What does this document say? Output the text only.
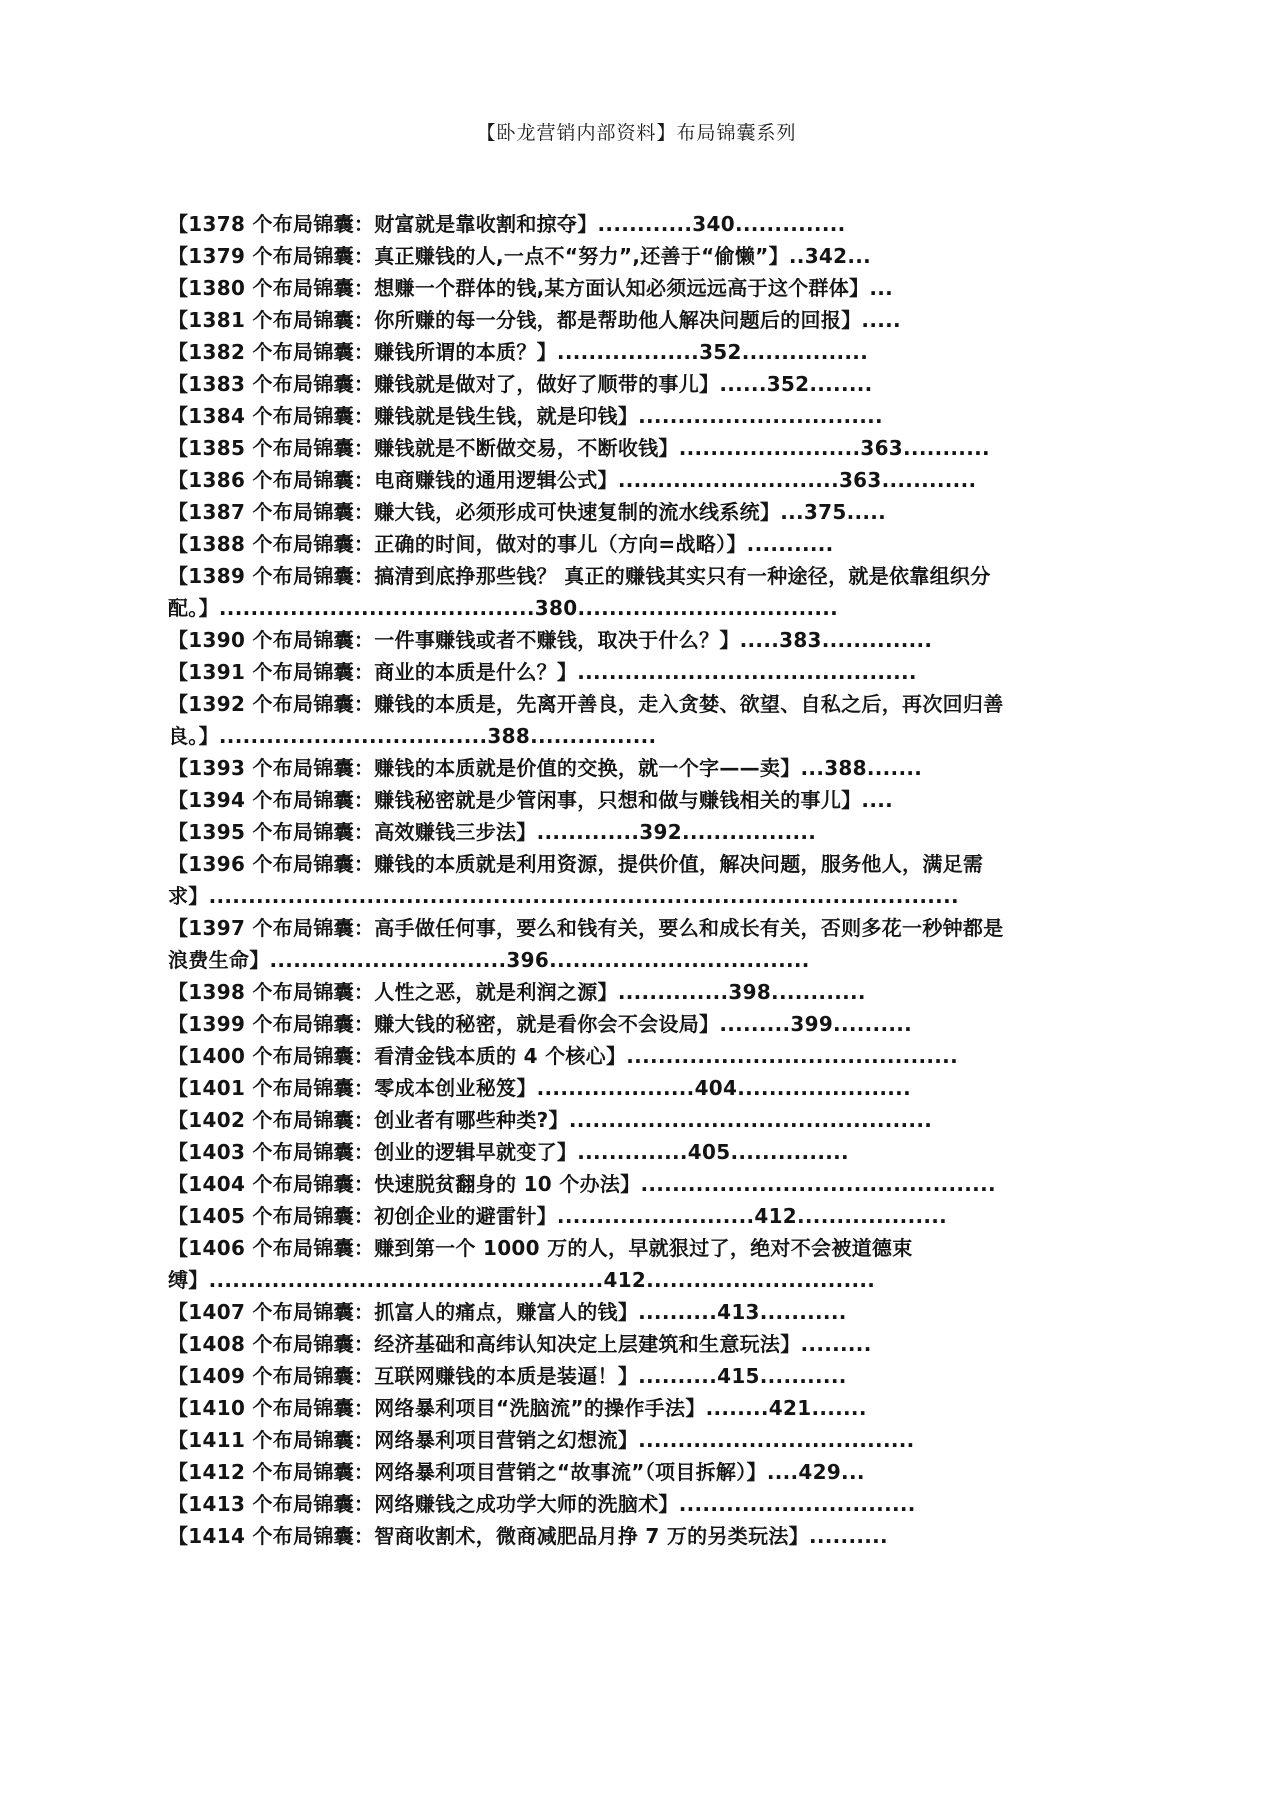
【卧龙营销内部资料】布局锦囊系列
【1378 个布局锦囊：财富就是靠收割和掠夺】............340..............
【1379 个布局锦囊：真正赚钱的人,一点不“努力”,还善于“偷懒”】..342...
【1380 个布局锦囊：想赚一个群体的钱,某方面认知必须远远高于这个群体】...
【1381 个布局锦囊：你所赚的每一分钱，都是帮助他人解决问题后的回报】.....
【1382 个布局锦囊：赚钱所谓的本质？】..................352................
【1383 个布局锦囊：赚钱就是做对了，做好了顺带的事儿】......352........
【1384 个布局锦囊：赚钱就是钱生钱，就是印钱】...............................
【1385 个布局锦囊：赚钱就是不断做交易，不断收钱】.......................363...........
【1386 个布局锦囊：电商赚钱的通用逻辑公式】............................363............
【1387 个布局锦囊：赚大钱，必须形成可快速复制的流水线系统】...375.....
【1388 个布局锦囊：正确的时间，做对的事儿（方向=战略）】...........
【1389 个布局锦囊：搞清到底挣那些钱？ 真正的赚钱其实只有一种途径，就是依靠组织分配。】........................................380.................................
【1390 个布局锦囊：一件事赚钱或者不赚钱，取决于什么？】.....383..............
【1391 个布局锦囊：商业的本质是什么？】...........................................
【1392 个布局锦囊：赚钱的本质是，先离开善良，走入贪婪、欲望、自私之后，再次回归善良。】..................................388................
【1393 个布局锦囊：赚钱的本质就是价值的交换，就一个字——卖】...388.......
【1394 个布局锦囊：赚钱秘密就是少管闲事，只想和做与赚钱相关的事儿】....
【1395 个布局锦囊：高效赚钱三步法】.............392.................
【1396 个布局锦囊：赚钱的本质就是利用资源，提供价值，解决问题，服务他人，满足需求】...............................................................................................
【1397 个布局锦囊：高手做任何事，要么和钱有关，要么和成长有关，否则多花一秒钟都是浪费生命】..............................396.................................
【1398 个布局锦囊：人性之恶，就是利润之源】..............398............
【1399 个布局锦囊：赚大钱的秘密，就是看你会不会设局】.........399..........
【1400 个布局锦囊：看清金钱本质的 4 个核心】..........................................
【1401 个布局锦囊：零成本创业秘笈】....................404......................
【1402 个布局锦囊：创业者有哪些种类?】..............................................
【1403 个布局锦囊：创业的逻辑早就变了】..............405...............
【1404 个布局锦囊：快速脱贫翻身的 10 个办法】.............................................
【1405 个布局锦囊：初创企业的避雷针】.........................412...................
【1406 个布局锦囊：赚到第一个 1000 万的人，早就狠过了，绝对不会被道德束缚】..................................................412.............................
【1407 个布局锦囊：抓富人的痛点，赚富人的钱】..........413...........
【1408 个布局锦囊：经济基础和高纬认知决定上层建筑和生意玩法】.........
【1409 个布局锦囊：互联网赚钱的本质是装逼！】..........415...........
【1410 个布局锦囊：网络暴利项目“洗脑流”的操作手法】........421.......
【1411 个布局锦囊：网络暴利项目营销之幻想流】...................................
【1412 个布局锦囊：网络暴利项目营销之“故事流”（项目拆解）】....429...
【1413 个布局锦囊：网络赚钱之成功学大师的洗脑术】..............................
【1414 个布局锦囊：智商收割术，微商减肥品月挣 7 万的另类玩法】..........
